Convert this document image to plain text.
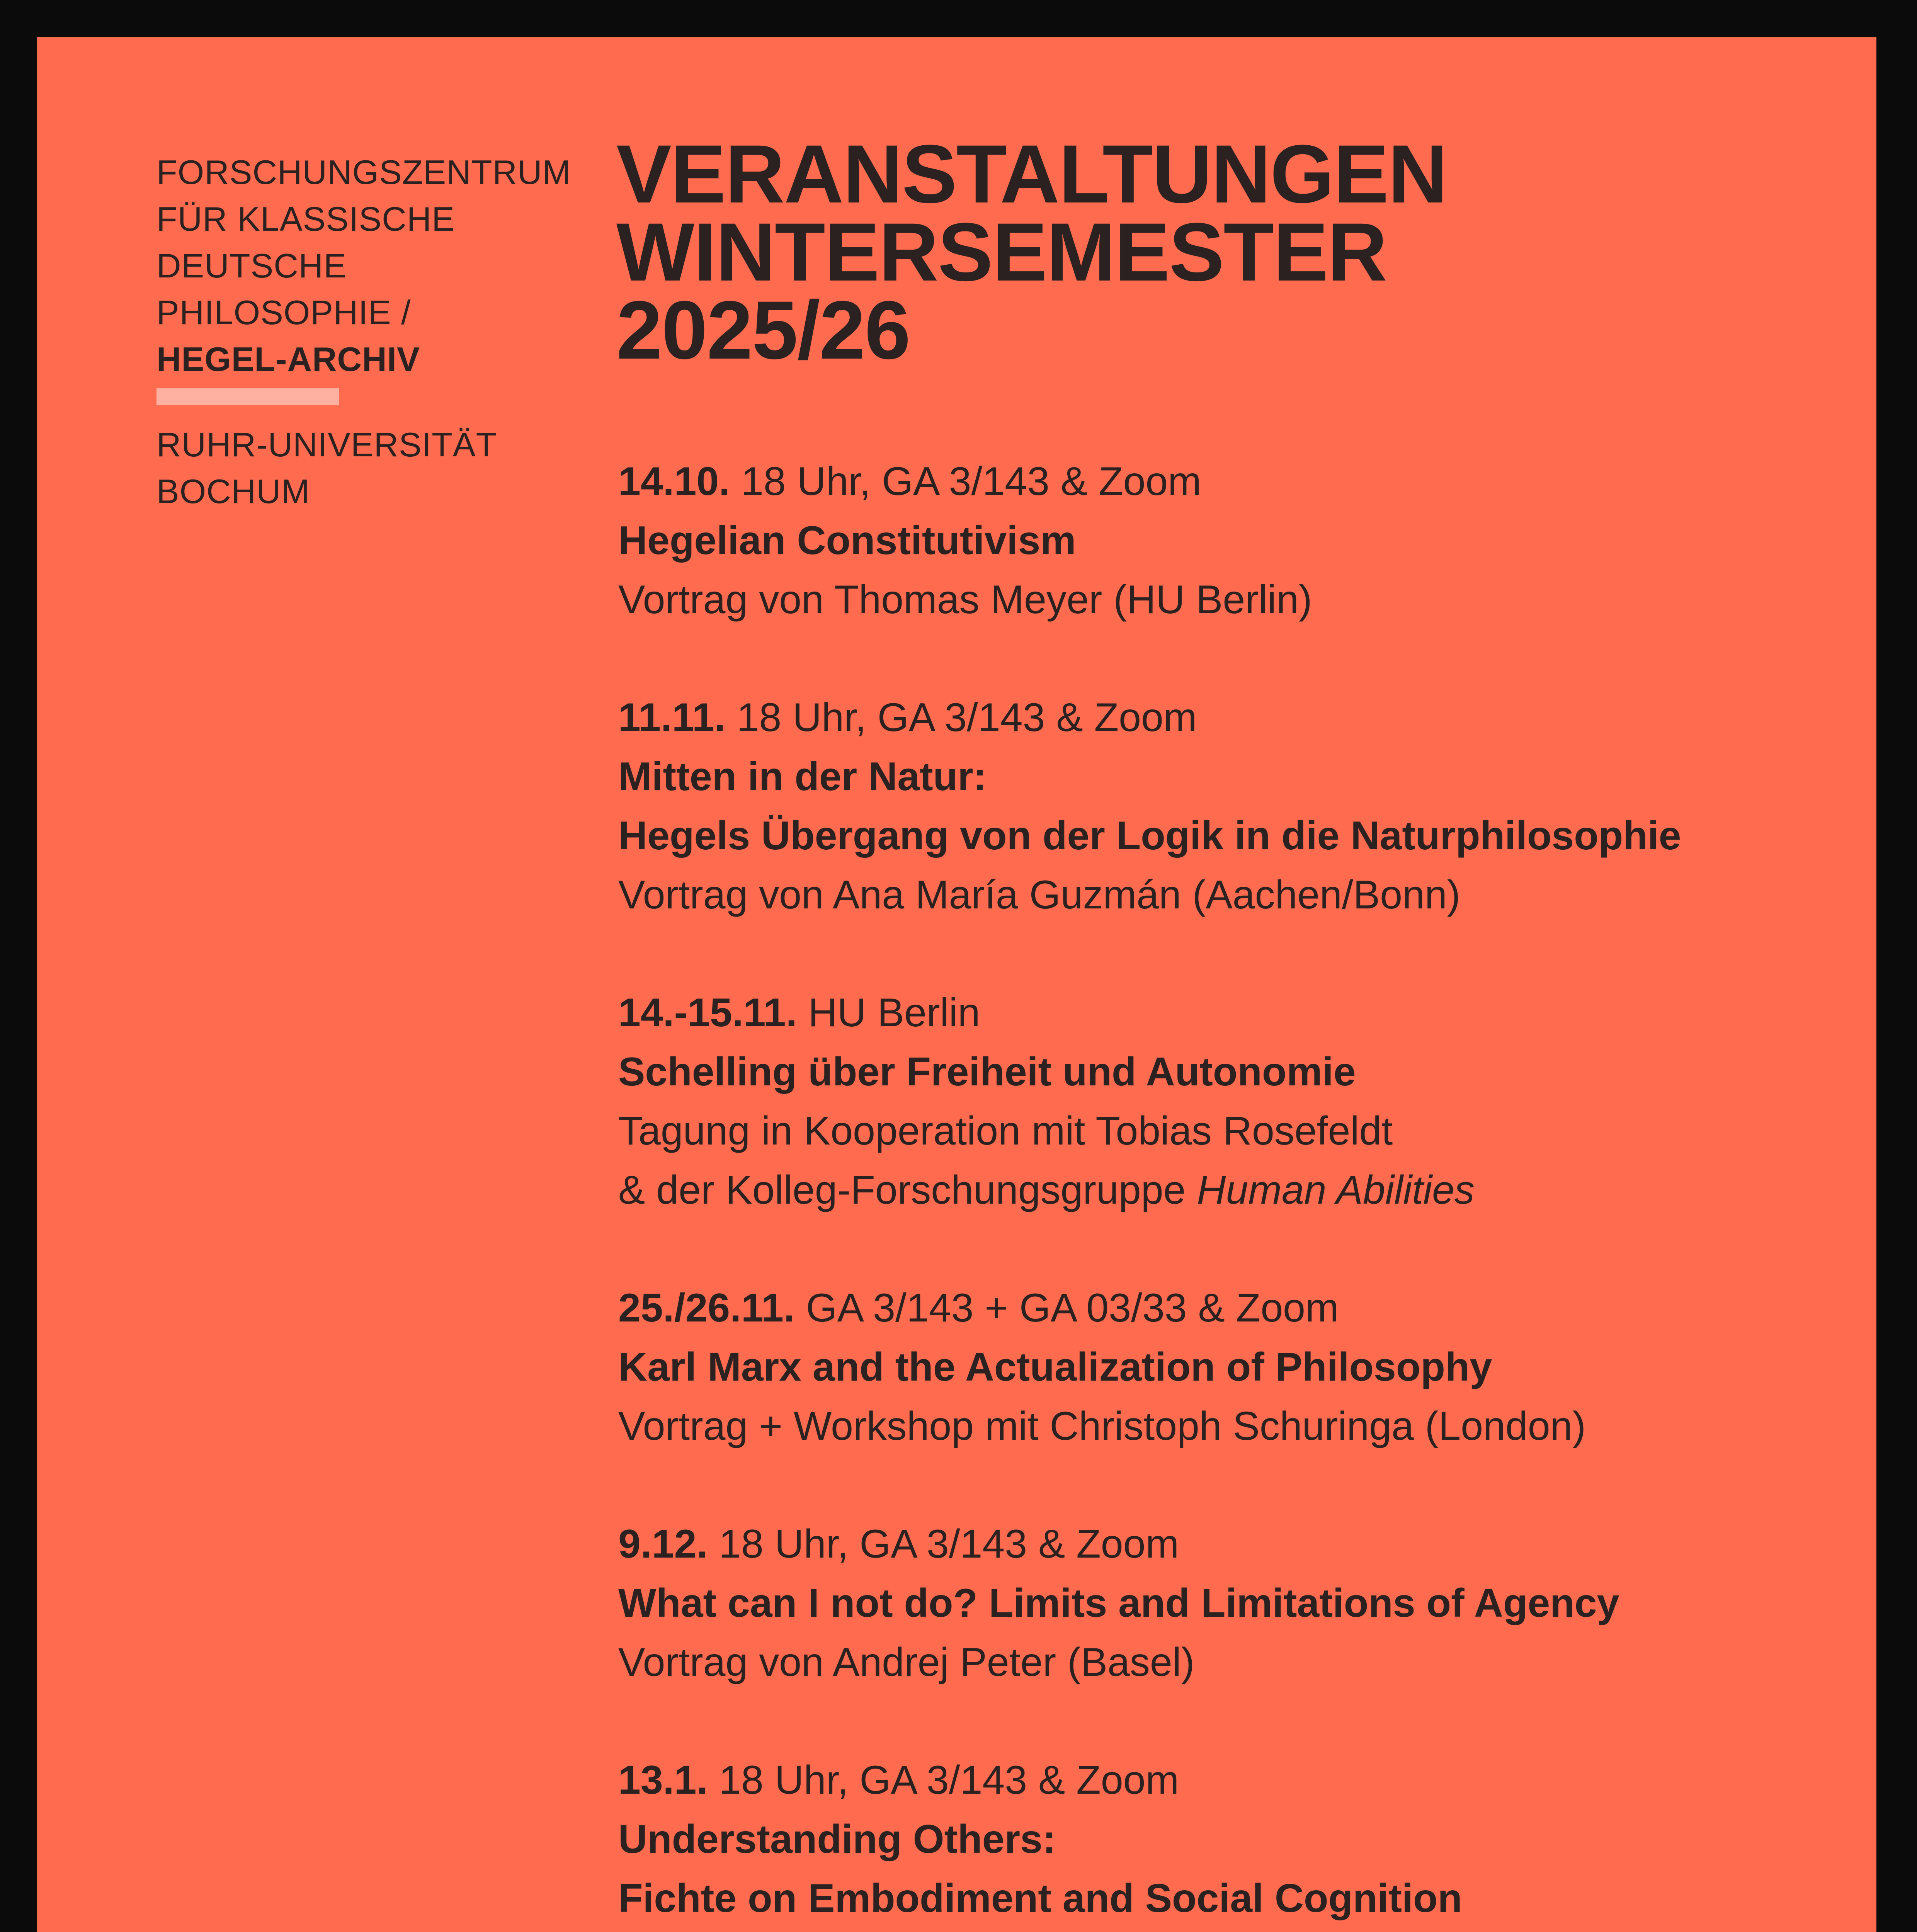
FORSCHUNGSZENTRUM
FÜR KLASSISCHE
DEUTSCHE
PHILOSOPHIE /
HEGEL-ARCHIV
RUHR-UNIVERSITÄT
BOCHUM
VERANSTALTUNGEN
WINTERSEMESTER
2025/26
14.10. 18 Uhr, GA 3/143 & Zoom
Hegelian Constitutivism
Vortrag von Thomas Meyer (HU Berlin)
11.11. 18 Uhr, GA 3/143 & Zoom
Mitten in der Natur:
Hegels Übergang von der Logik in die Naturphilosophie
Vortrag von Ana María Guzmán (Aachen/Bonn)
14.-15.11. HU Berlin
Schelling über Freiheit und Autonomie
Tagung in Kooperation mit Tobias Rosefeldt
& der Kolleg-Forschungsgruppe Human Abilities
25./26.11. GA 3/143 + GA 03/33 & Zoom
Karl Marx and the Actualization of Philosophy
Vortrag + Workshop mit Christoph Schuringa (London)
9.12. 18 Uhr, GA 3/143 & Zoom
What can I not do? Limits and Limitations of Agency
Vortrag von Andrej Peter (Basel)
13.1. 18 Uhr, GA 3/143 & Zoom
Understanding Others:
Fichte on Embodiment and Social Cognition
